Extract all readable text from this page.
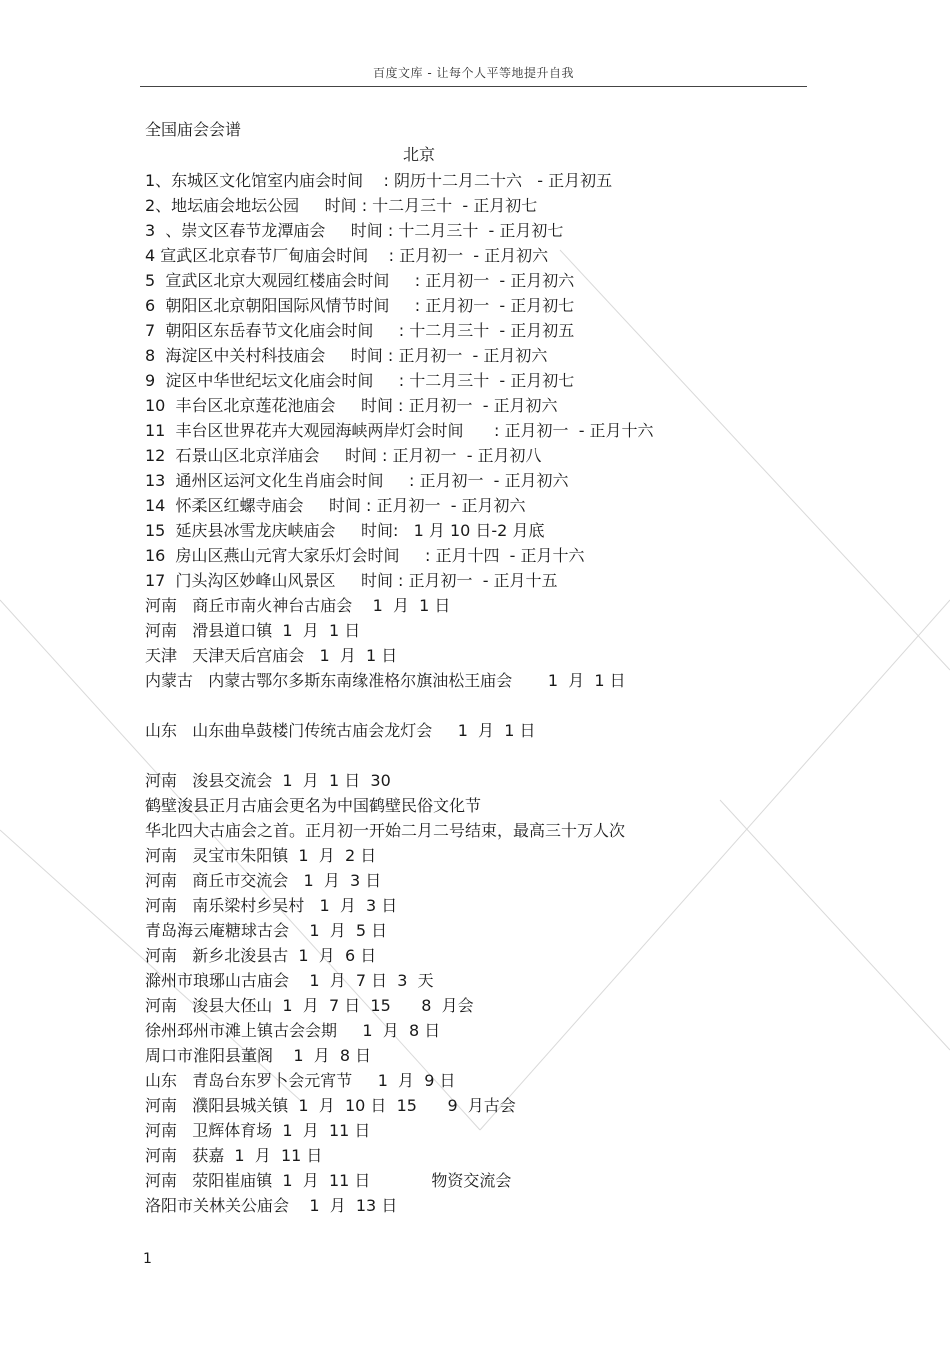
百度文库 - 让每个人平等地提升自我
全国庙会会谱
北京
1、东城区文化馆室内庙会时间    : 阴历十二月二十六   - 正月初五
2、地坛庙会地坛公园     时间 : 十二月三十  - 正月初七
3  、崇文区春节龙潭庙会     时间 : 十二月三十  - 正月初七
4 宣武区北京春节厂甸庙会时间    : 正月初一  - 正月初六
5  宣武区北京大观园红楼庙会时间     : 正月初一  - 正月初六
6  朝阳区北京朝阳国际风情节时间     : 正月初一  - 正月初七
7  朝阳区东岳春节文化庙会时间     : 十二月三十  - 正月初五
8  海淀区中关村科技庙会     时间 : 正月初一  - 正月初六
9  淀区中华世纪坛文化庙会时间     : 十二月三十  - 正月初七
10  丰台区北京莲花池庙会     时间 : 正月初一  - 正月初六
11  丰台区世界花卉大观园海峡两岸灯会时间      : 正月初一  - 正月十六
12  石景山区北京洋庙会     时间 : 正月初一  - 正月初八
13  通州区运河文化生肖庙会时间     : 正月初一  - 正月初六
14  怀柔区红螺寺庙会     时间 : 正月初一  - 正月初六
15  延庆县冰雪龙庆峡庙会     时间:   1 月 10 日-2 月底
16  房山区燕山元宵大家乐灯会时间     : 正月十四  - 正月十六
17  门头沟区妙峰山风景区     时间 : 正月初一  - 正月十五
河南   商丘市南火神台古庙会    1  月  1 日
河南   滑县道口镇  1  月  1 日
天津   天津天后宫庙会   1  月  1 日
内蒙古   内蒙古鄂尔多斯东南缘准格尔旗油松王庙会       1  月  1 日
山东   山东曲阜鼓楼门传统古庙会龙灯会     1  月  1 日
河南   浚县交流会  1  月  1 日  30
鹤壁浚县正月古庙会更名为中国鹤壁民俗文化节
华北四大古庙会之首。正月初一开始二月二号结束，最高三十万人次
河南   灵宝市朱阳镇  1  月  2 日
河南   商丘市交流会   1  月  3 日
河南   南乐梁村乡吴村   1  月  3 日
青岛海云庵糖球古会    1  月  5 日
河南   新乡北浚县古  1  月  6 日
滁州市琅琊山古庙会    1  月  7 日  3  天
河南   浚县大伾山  1  月  7 日  15      8  月会
徐州邳州市滩上镇古会会期     1  月  8 日
周口市淮阳县董阁    1  月  8 日
山东   青岛台东罗卜会元宵节     1  月  9 日
河南   濮阳县城关镇  1  月  10 日  15      9  月古会
河南   卫辉体育场  1  月  11 日
河南   获嘉  1  月  11 日
河南   荥阳崔庙镇  1  月  11 日            物资交流会
洛阳市关林关公庙会    1  月  13 日
1
